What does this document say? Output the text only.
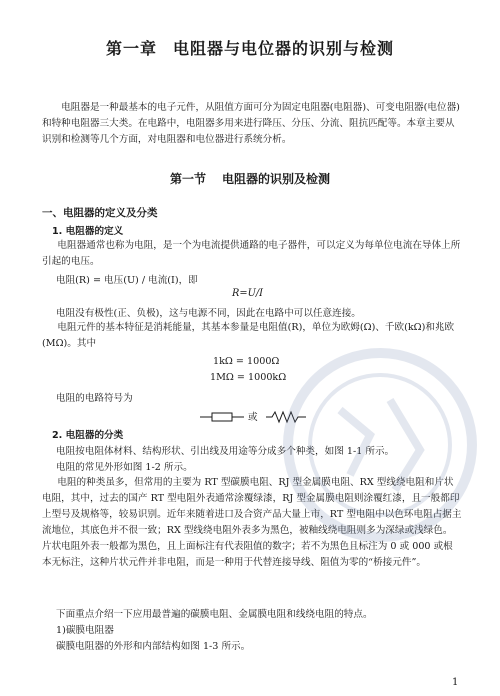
第一章 电阻器与电位器的识别与检测

电阻器是一种最基本的电子元件，从阻值方面可分为固定电阻器(电阻器)、可变电阻器(电位器)和特种电阻器三大类。在电路中，电阻器多用来进行降压、分压、分流、阻抗匹配等。本章主要从识别和检测等几个方面，对电阻器和电位器进行系统分析。

第一节 电阻器的识别及检测
一、电阻器的定义及分类
1. 电阻器的定义

电阻器通常也称为电阻，是一个为电流提供通路的电子器件，可以定义为每单位电流在导体上所引起的电压。

电阻(R) = 电压(U) / 电流(I)，即

R=U/I

电阻没有极性(正、负极)，这与电源不同，因此在电路中可以任意连接。

电阻元件的基本特征是消耗能量，其基本参量是电阻值(R)，单位为欧姆(Ω)、千欧(kΩ)和兆欧(MΩ)。其中

1kΩ = 1000Ω

1MΩ = 1000kΩ

电阻的电路符号为

或
2. 电阻器的分类

电阻按电阻体材料、结构形状、引出线及用途等分成多个种类，如图 1-1 所示。

电阻的常见外形如图 1-2 所示。

电阻的种类虽多，但常用的主要为 RT 型碳膜电阻、RJ 型金属膜电阻、RX 型线绕电阻和片状电阻，其中，过去的国产 RT 型电阻外表通常涂覆绿漆，RJ 型金属膜电阻则涂覆红漆，且一般都印上型号及规格等，较易识别。近年来随着进口及合资产品大量上市，RT 型电阻中以色环电阻占据主流地位，其底色并不很一致；RX 型线绕电阻外表多为黑色，被釉线绕电阻则多为深绿或浅绿色。片状电阻外表一般都为黑色，且上面标注有代表阻值的数字；若不为黑色且标注为 0 或 000 或根本无标注，这种片状元件并非电阻，而是一种用于代替连接导线、阻值为零的“桥接元件”。

下面重点介绍一下应用最普遍的碳膜电阻、金属膜电阻和线绕电阻的特点。

1)碳膜电阻器

碳膜电阻器的外形和内部结构如图 1-3 所示。

1
